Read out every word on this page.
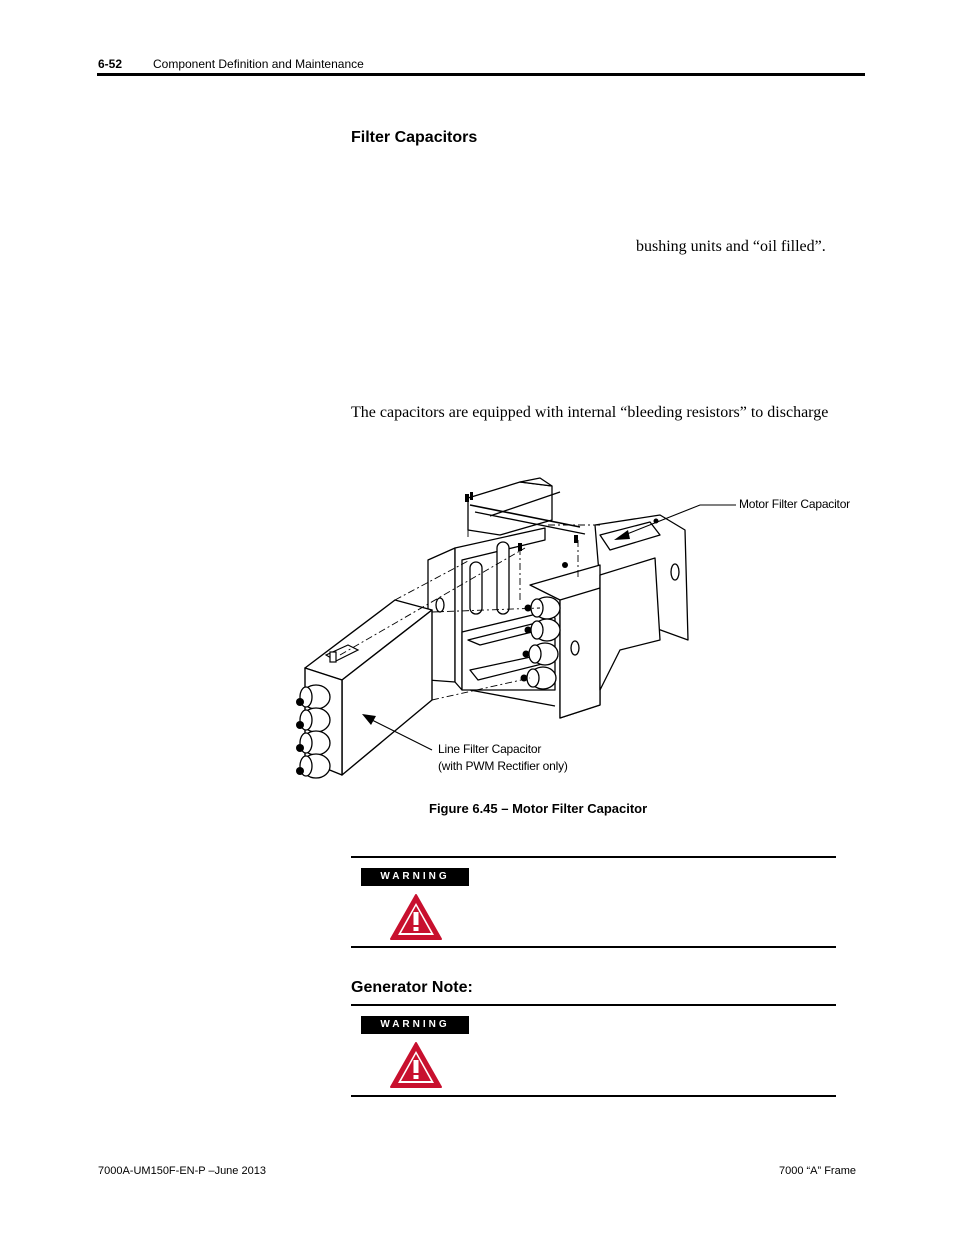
6-52	Component Definition and Maintenance
Filter Capacitors
bushing units and “oil filled”.
The capacitors are equipped with internal “bleeding resistors” to discharge
Motor Filter Capacitor
Line Filter Capacitor
(with PWM Rectifier only)
Figure 6.45 – Motor Filter Capacitor
WARNING
Generator Note:
WARNING
7000A-UM150F-EN-P –June 2013	7000 “A” Frame
